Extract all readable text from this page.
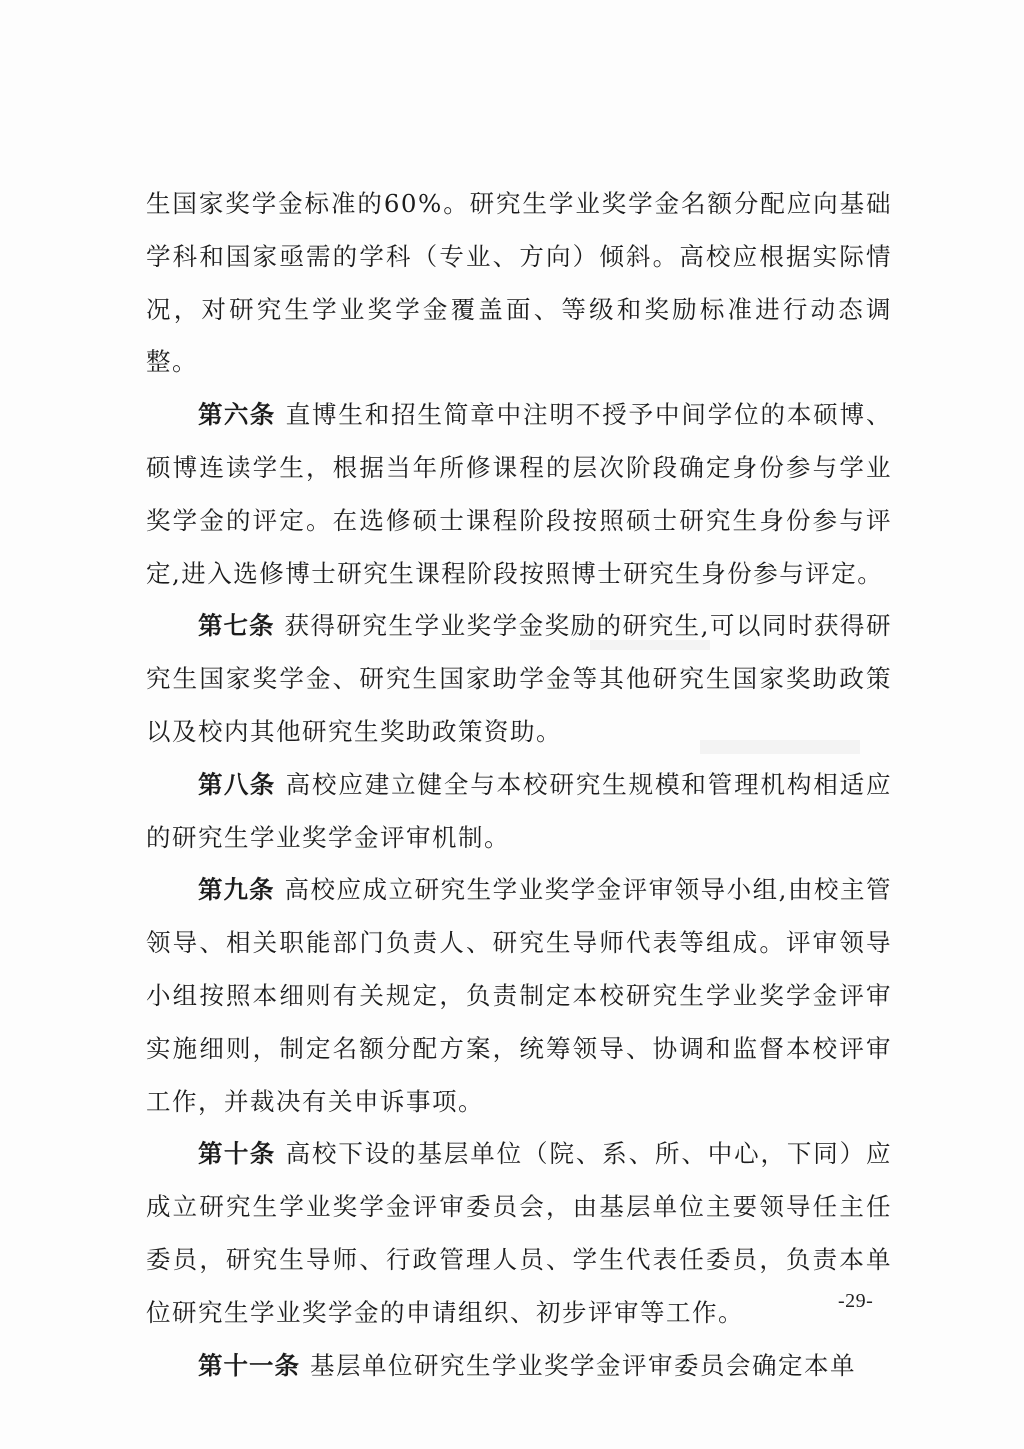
生国家奖学金标准的60%。研究生学业奖学金名额分配应向基础学科和国家亟需的学科（专业、方向）倾斜。高校应根据实际情况，对研究生学业奖学金覆盖面、等级和奖励标准进行动态调整。

第六条 直博生和招生简章中注明不授予中间学位的本硕博、硕博连读学生，根据当年所修课程的层次阶段确定身份参与学业奖学金的评定。在选修硕士课程阶段按照硕士研究生身份参与评定,进入选修博士研究生课程阶段按照博士研究生身份参与评定。

第七条 获得研究生学业奖学金奖励的研究生,可以同时获得研究生国家奖学金、研究生国家助学金等其他研究生国家奖助政策以及校内其他研究生奖助政策资助。

第八条 高校应建立健全与本校研究生规模和管理机构相适应的研究生学业奖学金评审机制。

第九条 高校应成立研究生学业奖学金评审领导小组,由校主管领导、相关职能部门负责人、研究生导师代表等组成。评审领导小组按照本细则有关规定，负责制定本校研究生学业奖学金评审实施细则，制定名额分配方案，统筹领导、协调和监督本校评审工作，并裁决有关申诉事项。

第十条 高校下设的基层单位（院、系、所、中心，下同）应成立研究生学业奖学金评审委员会，由基层单位主要领导任主任委员，研究生导师、行政管理人员、学生代表任委员，负责本单位研究生学业奖学金的申请组织、初步评审等工作。

第十一条 基层单位研究生学业奖学金评审委员会确定本单

-29-
